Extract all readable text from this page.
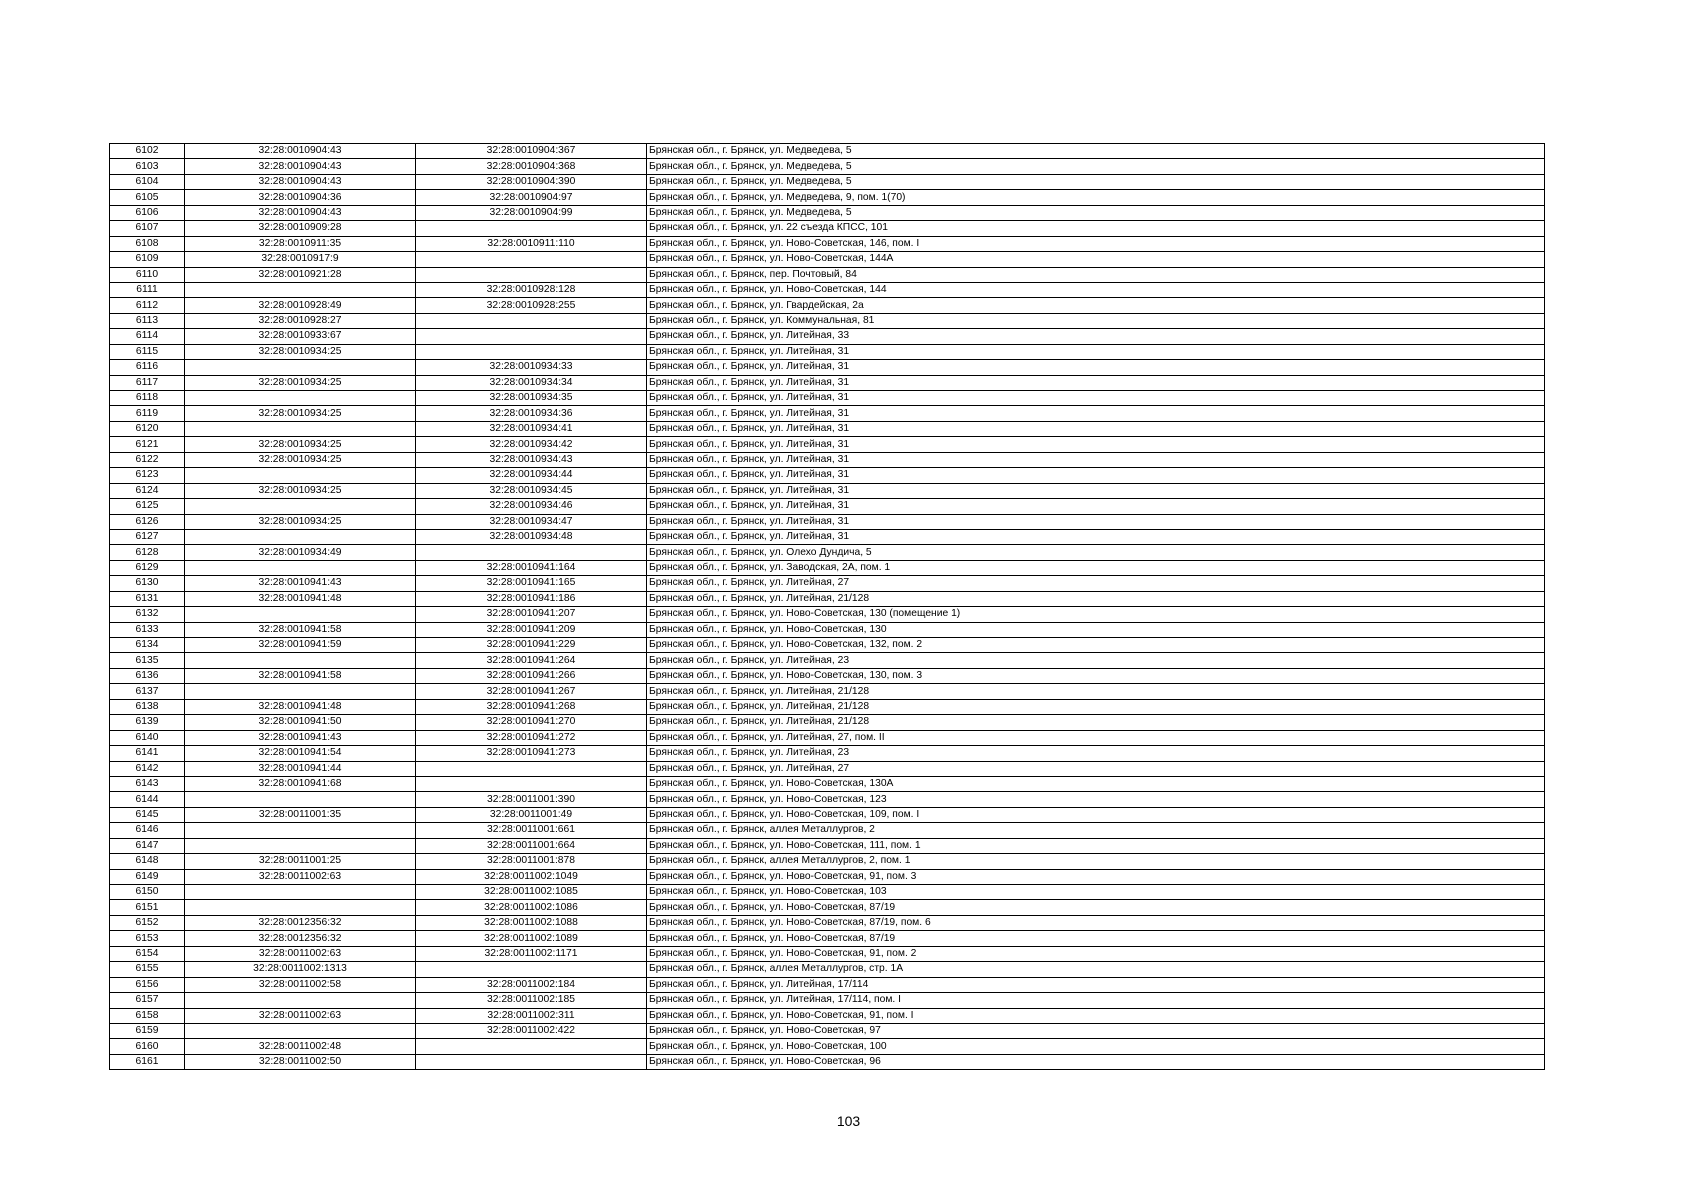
6102	32:28:0010904:43	32:28:0010904:367	Брянская обл., г. Брянск, ул. Медведева, 5
6103	32:28:0010904:43	32:28:0010904:368	Брянская обл., г. Брянск, ул. Медведева, 5
6104	32:28:0010904:43	32:28:0010904:390	Брянская обл., г. Брянск, ул. Медведева, 5
6105	32:28:0010904:36	32:28:0010904:97	Брянская обл., г. Брянск, ул. Медведева, 9, пом. 1(70)
6106	32:28:0010904:43	32:28:0010904:99	Брянская обл., г. Брянск, ул. Медведева, 5
6107	32:28:0010909:28		Брянская обл., г. Брянск, ул. 22 съезда КПСС, 101
6108	32:28:0010911:35	32:28:0010911:110	Брянская обл., г. Брянск, ул. Ново-Советская, 146, пом. I
6109	32:28:0010917:9		Брянская обл., г. Брянск, ул. Ново-Советская, 144А
6110	32:28:0010921:28		Брянская обл., г. Брянск, пер. Почтовый, 84
6111		32:28:0010928:128	Брянская обл., г. Брянск, ул. Ново-Советская, 144
6112	32:28:0010928:49	32:28:0010928:255	Брянская обл., г. Брянск, ул. Гвардейская, 2а
6113	32:28:0010928:27		Брянская обл., г. Брянск, ул. Коммунальная, 81
6114	32:28:0010933:67		Брянская обл., г. Брянск, ул. Литейная, 33
6115	32:28:0010934:25		Брянская обл., г. Брянск, ул. Литейная, 31
6116		32:28:0010934:33	Брянская обл., г. Брянск, ул. Литейная, 31
6117	32:28:0010934:25	32:28:0010934:34	Брянская обл., г. Брянск, ул. Литейная, 31
6118		32:28:0010934:35	Брянская обл., г. Брянск, ул. Литейная, 31
6119	32:28:0010934:25	32:28:0010934:36	Брянская обл., г. Брянск, ул. Литейная, 31
6120		32:28:0010934:41	Брянская обл., г. Брянск, ул. Литейная, 31
6121	32:28:0010934:25	32:28:0010934:42	Брянская обл., г. Брянск, ул. Литейная, 31
6122	32:28:0010934:25	32:28:0010934:43	Брянская обл., г. Брянск, ул. Литейная, 31
6123		32:28:0010934:44	Брянская обл., г. Брянск, ул. Литейная, 31
6124	32:28:0010934:25	32:28:0010934:45	Брянская обл., г. Брянск, ул. Литейная, 31
6125		32:28:0010934:46	Брянская обл., г. Брянск, ул. Литейная, 31
6126	32:28:0010934:25	32:28:0010934:47	Брянская обл., г. Брянск, ул. Литейная, 31
6127		32:28:0010934:48	Брянская обл., г. Брянск, ул. Литейная, 31
6128	32:28:0010934:49		Брянская обл., г. Брянск, ул. Олехо Дундича, 5
6129		32:28:0010941:164	Брянская обл., г. Брянск, ул. Заводская, 2А, пом. 1
6130	32:28:0010941:43	32:28:0010941:165	Брянская обл., г. Брянск, ул. Литейная, 27
6131	32:28:0010941:48	32:28:0010941:186	Брянская обл., г. Брянск, ул. Литейная, 21/128
6132		32:28:0010941:207	Брянская обл., г. Брянск, ул. Ново-Советская, 130 (помещение 1)
6133	32:28:0010941:58	32:28:0010941:209	Брянская обл., г. Брянск, ул. Ново-Советская, 130
6134	32:28:0010941:59	32:28:0010941:229	Брянская обл., г. Брянск, ул. Ново-Советская, 132, пом. 2
6135		32:28:0010941:264	Брянская обл., г. Брянск, ул. Литейная, 23
6136	32:28:0010941:58	32:28:0010941:266	Брянская обл., г. Брянск, ул. Ново-Советская, 130, пом. 3
6137		32:28:0010941:267	Брянская обл., г. Брянск, ул. Литейная, 21/128
6138	32:28:0010941:48	32:28:0010941:268	Брянская обл., г. Брянск, ул. Литейная, 21/128
6139	32:28:0010941:50	32:28:0010941:270	Брянская обл., г. Брянск, ул. Литейная, 21/128
6140	32:28:0010941:43	32:28:0010941:272	Брянская обл., г. Брянск, ул. Литейная, 27, пом. II
6141	32:28:0010941:54	32:28:0010941:273	Брянская обл., г. Брянск, ул. Литейная, 23
6142	32:28:0010941:44		Брянская обл., г. Брянск, ул. Литейная, 27
6143	32:28:0010941:68		Брянская обл., г. Брянск, ул. Ново-Советская, 130А
6144		32:28:0011001:390	Брянская обл., г. Брянск, ул. Ново-Советская, 123
6145	32:28:0011001:35	32:28:0011001:49	Брянская обл., г. Брянск, ул. Ново-Советская, 109, пом. I
6146		32:28:0011001:661	Брянская обл., г. Брянск, аллея Металлургов, 2
6147		32:28:0011001:664	Брянская обл., г. Брянск, ул. Ново-Советская, 111, пом. 1
6148	32:28:0011001:25	32:28:0011001:878	Брянская обл., г. Брянск, аллея Металлургов, 2, пом. 1
6149	32:28:0011002:63	32:28:0011002:1049	Брянская обл., г. Брянск, ул. Ново-Советская, 91, пом. 3
6150		32:28:0011002:1085	Брянская обл., г. Брянск, ул. Ново-Советская, 103
6151		32:28:0011002:1086	Брянская обл., г. Брянск, ул. Ново-Советская, 87/19
6152	32:28:0012356:32	32:28:0011002:1088	Брянская обл., г. Брянск, ул. Ново-Советская, 87/19, пом. 6
6153	32:28:0012356:32	32:28:0011002:1089	Брянская обл., г. Брянск, ул. Ново-Советская, 87/19
6154	32:28:0011002:63	32:28:0011002:1171	Брянская обл., г. Брянск, ул. Ново-Советская, 91, пом. 2
6155	32:28:0011002:1313		Брянская обл., г. Брянск, аллея Металлургов, стр. 1А
6156	32:28:0011002:58	32:28:0011002:184	Брянская обл., г. Брянск, ул. Литейная, 17/114
6157		32:28:0011002:185	Брянская обл., г. Брянск, ул. Литейная, 17/114, пом. I
6158	32:28:0011002:63	32:28:0011002:311	Брянская обл., г. Брянск, ул. Ново-Советская, 91, пом. I
6159		32:28:0011002:422	Брянская обл., г. Брянск, ул. Ново-Советская, 97
6160	32:28:0011002:48		Брянская обл., г. Брянск, ул. Ново-Советская, 100
6161	32:28:0011002:50		Брянская обл., г. Брянск, ул. Ново-Советская, 96
103
